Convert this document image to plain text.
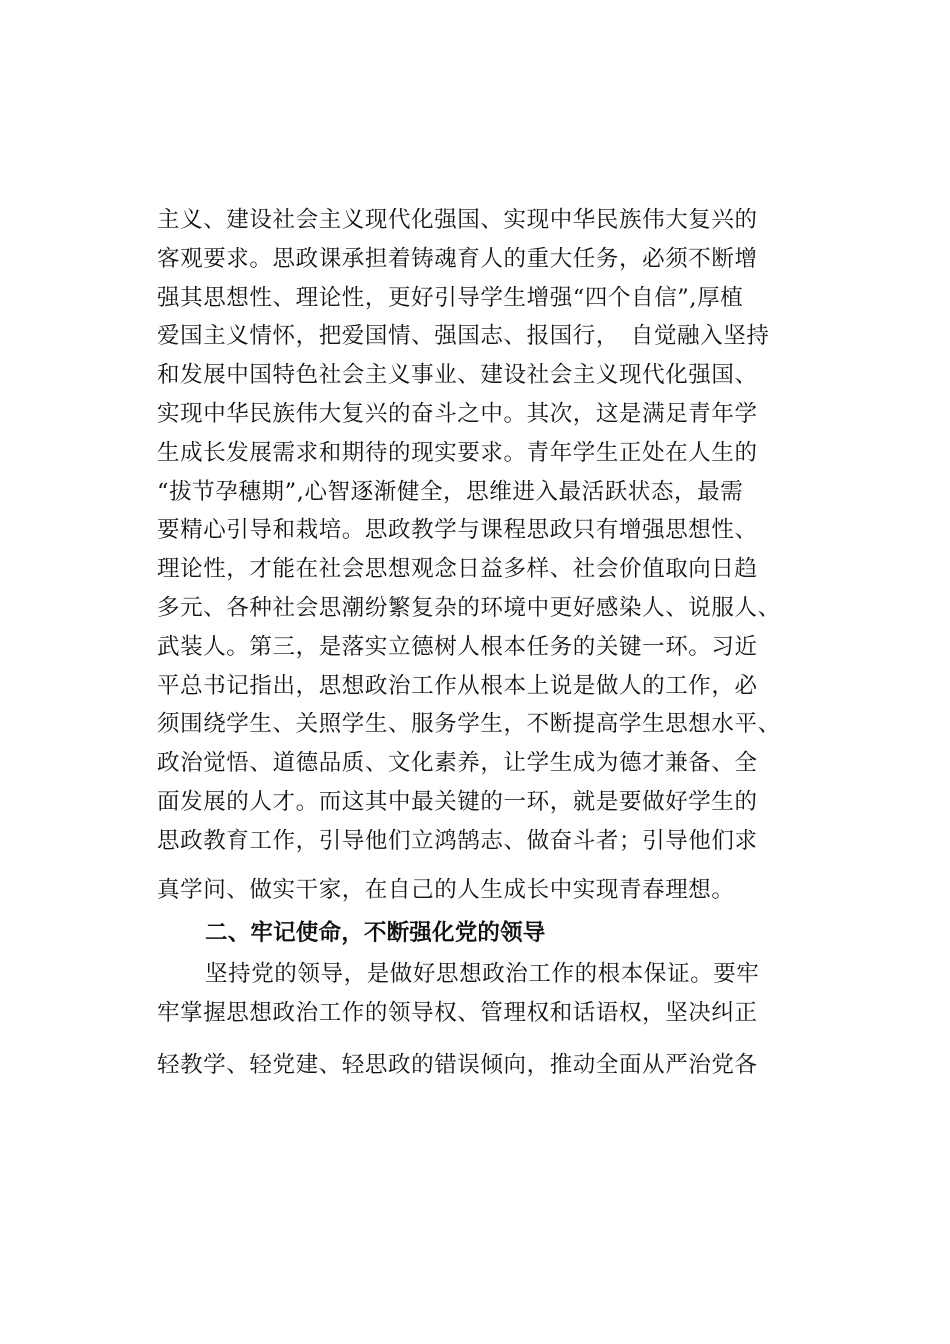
主义、建设社会主义现代化强国、实现中华民族伟大复兴的
客观要求。思政课承担着铸魂育人的重大任务，必须不断增
强其思想性、理论性，更好引导学生增强“四个自信”,厚植
爱国主义情怀，把爱国情、强国志、报国行，　自觉融入坚持
和发展中国特色社会主义事业、建设社会主义现代化强国、
实现中华民族伟大复兴的奋斗之中。其次，这是满足青年学
生成长发展需求和期待的现实要求。青年学生正处在人生的
“拔节孕穗期”,心智逐渐健全，思维进入最活跃状态，最需
要精心引导和栽培。思政教学与课程思政只有增强思想性、
理论性，才能在社会思想观念日益多样、社会价值取向日趋
多元、各种社会思潮纷繁复杂的环境中更好感染人、说服人、
武装人。第三，是落实立德树人根本任务的关键一环。习近
平总书记指出，思想政治工作从根本上说是做人的工作，必
须围绕学生、关照学生、服务学生，不断提高学生思想水平、
政治觉悟、道德品质、文化素养，让学生成为德才兼备、全
面发展的人才。而这其中最关键的一环，就是要做好学生的
思政教育工作，引导他们立鸿鹄志、做奋斗者；引导他们求
真学问、做实干家，在自己的人生成长中实现青春理想。
二、牢记使命，不断强化党的领导
坚持党的领导，是做好思想政治工作的根本保证。要牢
牢掌握思想政治工作的领导权、管理权和话语权，坚决纠正
轻教学、轻党建、轻思政的错误倾向，推动全面从严治党各
